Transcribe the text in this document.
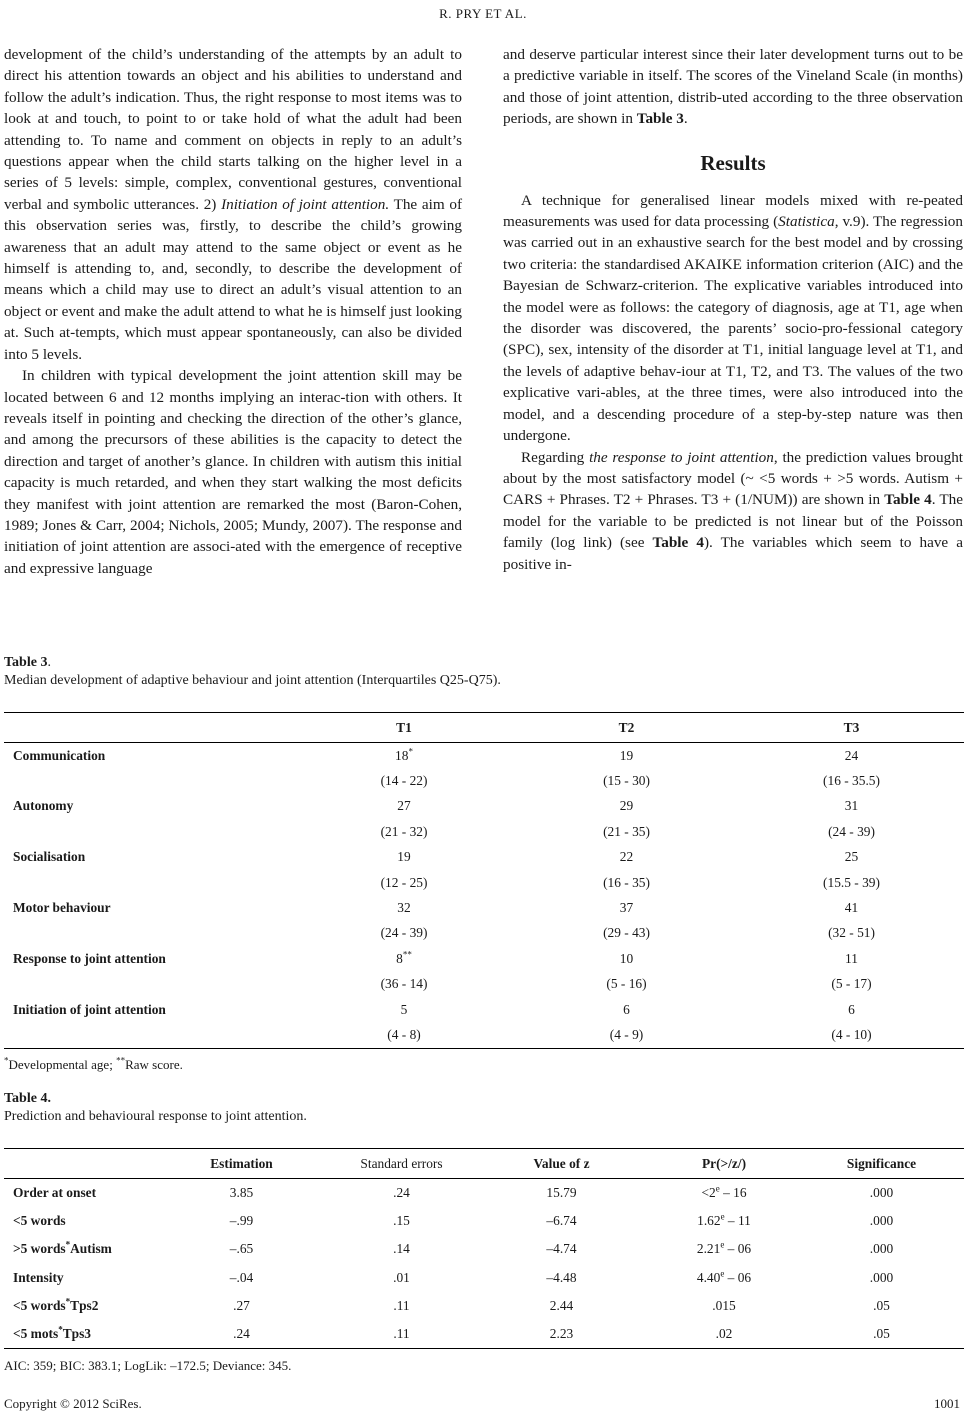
R. PRY ET AL.

development of the child’s understanding of the attempts by an adult to direct his attention towards an object and his abilities to understand and follow the adult’s indication. Thus, the right response to most items was to look at and touch, to point to or take hold of what the adult had been attending to. To name and comment on objects in reply to an adult’s questions appear when the child starts talking on the higher level in a series of 5 levels: simple, complex, conventional gestures, conventional verbal and symbolic utterances. 2) Initiation of joint attention. The aim of this observation series was, firstly, to describe the child’s growing awareness that an adult may attend to the same object or event as he himself is attending to, and, secondly, to describe the development of means which a child may use to direct an adult’s visual attention to an object or event and make the adult attend to what he is himself just looking at. Such at-tempts, which must appear spontaneously, can also be divided into 5 levels.

In children with typical development the joint attention skill may be located between 6 and 12 months implying an interac-tion with others. It reveals itself in pointing and checking the direction of the other’s glance, and among the precursors of these abilities is the capacity to detect the direction and target of another’s glance. In children with autism this initial capacity is much retarded, and when they start walking the most deficits they manifest with joint attention are remarked the most (Baron-Cohen, 1989; Jones & Carr, 2004; Nichols, 2005; Mundy, 2007). The response and initiation of joint attention are associ-ated with the emergence of receptive and expressive language

and deserve particular interest since their later development turns out to be a predictive variable in itself. The scores of the Vineland Scale (in months) and those of joint attention, distrib-uted according to the three observation periods, are shown in Table 3.

Results

A technique for generalised linear models mixed with re-peated measurements was used for data processing (Statistica, v.9). The regression was carried out in an exhaustive search for the best model and by crossing two criteria: the standardised AKAIKE information criterion (AIC) and the Bayesian de Schwarz-criterion. The explicative variables introduced into the model were as follows: the category of diagnosis, age at T1, age when the disorder was discovered, the parents’ socio-pro-fessional category (SPC), sex, intensity of the disorder at T1, initial language level at T1, and the levels of adaptive behav-iour at T1, T2, and T3. The values of the two explicative vari-ables, at the three times, were also introduced into the model, and a descending procedure of a step-by-step nature was then undergone.

Regarding the response to joint attention, the prediction values brought about by the most satisfactory model (~ <5 words + >5 words. Autism + CARS + Phrases. T2 + Phrases. T3 + (1/NUM)) are shown in Table 4. The model for the variable to be predicted is not linear but of the Poisson family (log link) (see Table 4). The variables which seem to have a positive in-

Table 3.
Median development of adaptive behaviour and joint attention (Interquartiles Q25-Q75).
	T1	T2	T3
Communication	18*	19	24
	(14 - 22)	(15 - 30)	(16 - 35.5)
Autonomy	27	29	31
	(21 - 32)	(21 - 35)	(24 - 39)
Socialisation	19	22	25
	(12 - 25)	(16 - 35)	(15.5 - 39)
Motor behaviour	32	37	41
	(24 - 39)	(29 - 43)	(32 - 51)
Response to joint attention	8**	10	11
	(36 - 14)	(5 - 16)	(5 - 17)
Initiation of joint attention	5	6	6
	(4 - 8)	(4 - 9)	(4 - 10)
*Developmental age; **Raw score.
Table 4.
Prediction and behavioural response to joint attention.
	Estimation	Standard errors	Value of z	Pr(>/z/)	Significance
Order at onset	3.85	.24	15.79	$<2^e - 16$	.000
<5 words	–.99	.15	–6.74	1.62e – 11	.000
>5 words*Autism	–.65	.14	–4.74	2.21e – 06	.000
Intensity	–.04	.01	–4.48	4.40e – 06	.000
<5 words*Tps2	.27	.11	2.44	.015	.05
<5 mots*Tps3	.24	.11	2.23	.02	.05
AIC: 359; BIC: 383.1; LogLik: –172.5; Deviance: 345.
Copyright © 2012 SciRes.	1001
